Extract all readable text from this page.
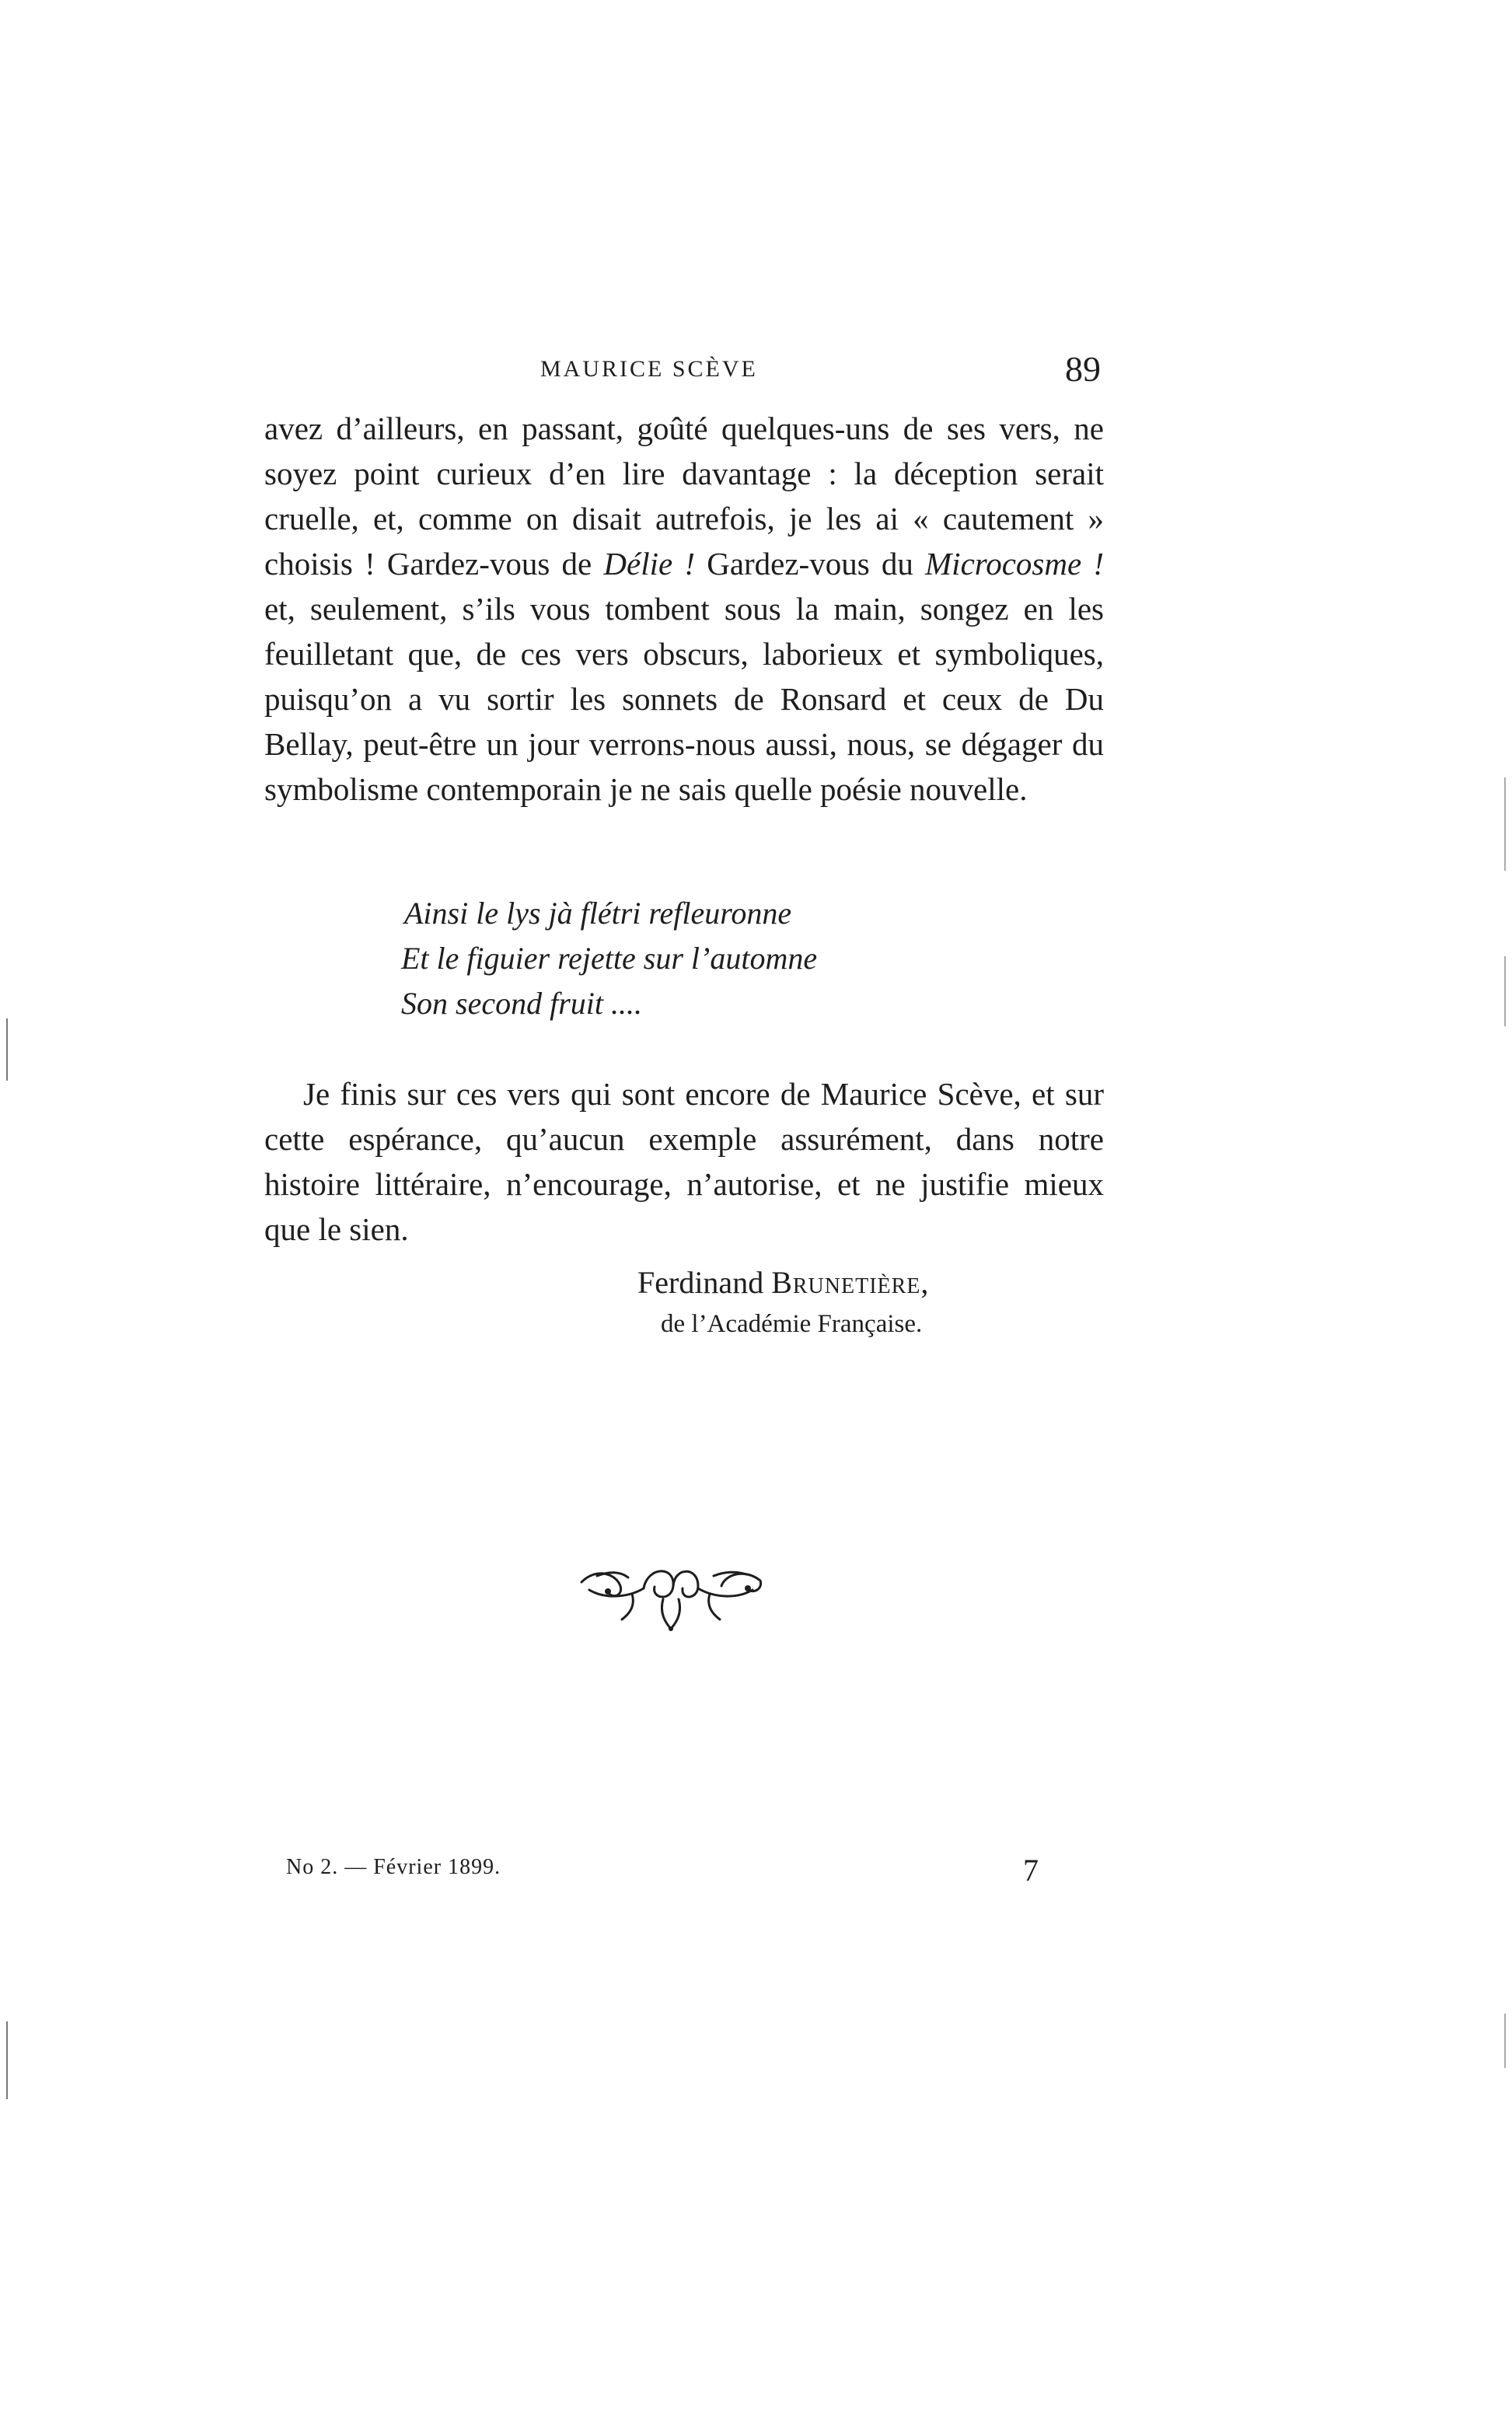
MAURICE SCÈVE	89

avez d’ailleurs, en passant, goûté quelques-uns de ses vers, ne soyez point curieux d’en lire davantage : la déception serait cruelle, et, comme on disait autrefois, je les ai « cautement » choisis ! Gardez-vous de Délie ! Gardez-vous du Microcosme ! et, seulement, s’ils vous tombent sous la main, songez en les feuilletant que, de ces vers obscurs, laborieux et symboliques, puisqu’on a vu sortir les sonnets de Ronsard et ceux de Du Bellay, peut-être un jour verrons-nous aussi, nous, se dégager du symbolisme contemporain je ne sais quelle poésie nouvelle.

Ainsi le lys jà flétri refleuronne
Et le figuier rejette sur l’automne
Son second fruit ....

Je finis sur ces vers qui sont encore de Maurice Scève, et sur cette espérance, qu’aucun exemple assurément, dans notre histoire littéraire, n’encourage, n’autorise, et ne justifie mieux que le sien.

Ferdinand Brunetière,
de l’Académie Française.
No 2. — Février 1899.	7
